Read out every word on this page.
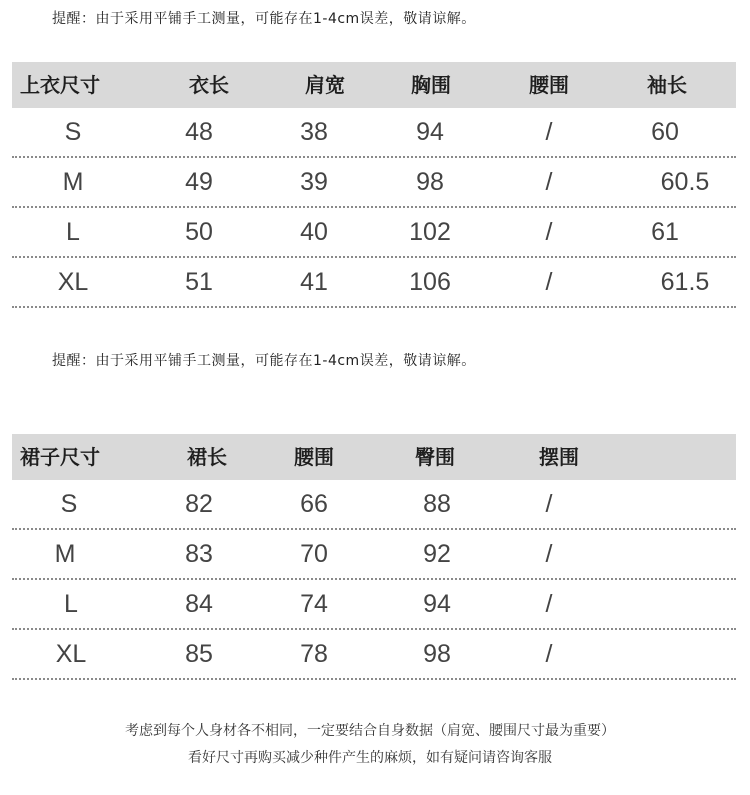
提醒：由于采用平铺手工测量，可能存在1-4cm误差，敬请谅解。
上衣尺寸	衣长	肩宽	胸围	腰围	袖长
S	48	38	94	/	60
M	49	39	98	/	60.5
L	50	40	102	/	61
XL	51	41	106	/	61.5
提醒：由于采用平铺手工测量，可能存在1-4cm误差，敬请谅解。
裙子尺寸	裙长	腰围	臀围	摆围
S	82	66	88	/
M	83	70	92	/
L	84	74	94	/
XL	85	78	98	/
考虑到每个人身材各不相同，一定要结合自身数据（肩宽、腰围尺寸最为重要）
看好尺寸再购买减少种件产生的麻烦，如有疑问请咨询客服
